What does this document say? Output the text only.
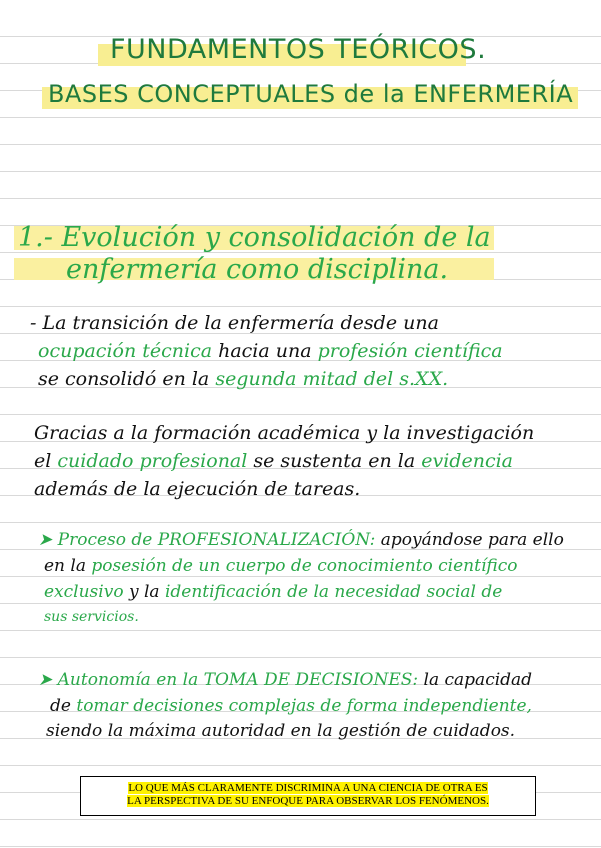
FUNDAMENTOS TEÓRICOS.
BASES CONCEPTUALES de la ENFERMERÍA
1.- Evolución y consolidación de la
enfermería como disciplina.
- La transición de la enfermería desde una
ocupación técnica hacia una profesión científica
se consolidó en la segunda mitad del s.XX.
Gracias a la formación académica y la investigación
el cuidado profesional se sustenta en la evidencia
además de la ejecución de tareas.
➤ Proceso de PROFESIONALIZACIÓN: apoyándose para ello
en la posesión de un cuerpo de conocimiento científico
exclusivo y la identificación de la necesidad social de
sus servicios.
➤ Autonomía en la TOMA DE DECISIONES: la capacidad
de tomar decisiones complejas de forma independiente,
siendo la máxima autoridad en la gestión de cuidados.
LO QUE MÁS CLARAMENTE DISCRIMINA A UNA CIENCIA DE OTRA ES
LA PERSPECTIVA DE SU ENFOQUE PARA OBSERVAR LOS FENÓMENOS.
